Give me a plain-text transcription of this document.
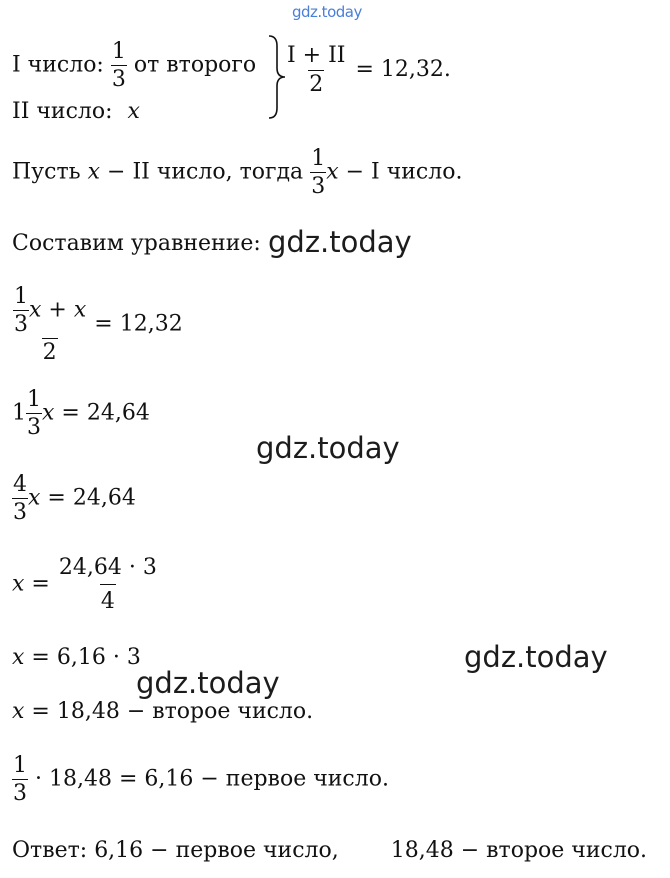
gdz.today
I число: $\frac{1}{3}$ от второго
II число: x
$\frac{I + II}{2} = 12,32$.
Пусть x − II число, тогда $\frac{1}{3}$ x − I число.
Составим уравнение: gdz.today
$\frac{\frac{1}{3} x + x}{2} = 12,32$
$1 \frac{1}{3}$ x = 24,64
gdz.today
$\frac{4}{3}$ x = 24,64
$x = \frac{24,64 \cdot 3}{4}$
x = 6,16 · 3	gdz.today
gdz.today
x = 18,48 − второе число.
$\frac{1}{3} \cdot 18,48 = 6,16$ − первое число.
Ответ: 6,16 − первое число, 18,48 − второе число.
